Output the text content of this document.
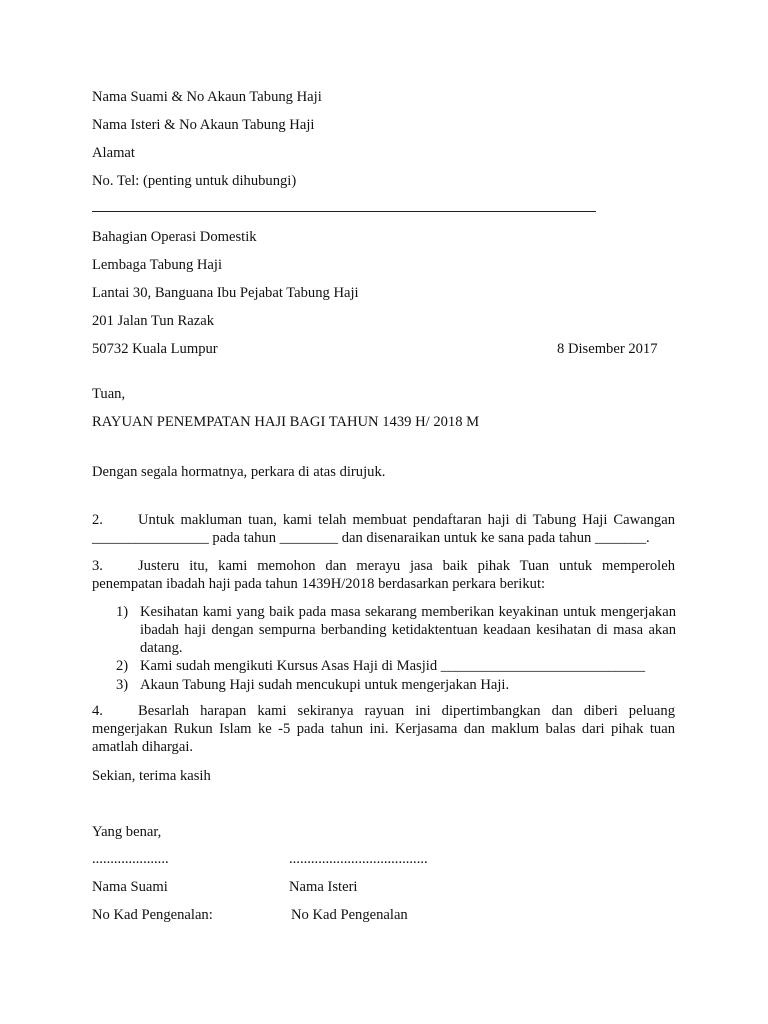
Nama Suami & No Akaun Tabung Haji
Nama Isteri & No Akaun Tabung Haji
Alamat
No. Tel: (penting untuk dihubungi)
Bahagian Operasi Domestik
Lembaga Tabung Haji
Lantai 30, Banguana Ibu Pejabat Tabung Haji
201 Jalan Tun Razak
50732 Kuala Lumpur	8 Disember 2017
Tuan,
RAYUAN PENEMPATAN HAJI BAGI TAHUN 1439 H/ 2018 M
Dengan segala hormatnya, perkara di atas dirujuk.
2. Untuk makluman tuan, kami telah membuat pendaftaran haji di Tabung Haji Cawangan ________________ pada tahun ________ dan disenaraikan untuk ke sana pada tahun _______.
3. Justeru itu, kami memohon dan merayu jasa baik pihak Tuan untuk memperoleh penempatan ibadah haji pada tahun 1439H/2018 berdasarkan perkara berikut:
1) Kesihatan kami yang baik pada masa sekarang memberikan keyakinan untuk mengerjakan ibadah haji dengan sempurna berbanding ketidaktentuan keadaan kesihatan di masa akan datang.
2) Kami sudah mengikuti Kursus Asas Haji di Masjid ____________________________
3) Akaun Tabung Haji sudah mencukupi untuk mengerjakan Haji.
4. Besarlah harapan kami sekiranya rayuan ini dipertimbangkan dan diberi peluang mengerjakan Rukun Islam ke -5 pada tahun ini. Kerjasama dan maklum balas dari pihak tuan amatlah dihargai.
Sekian, terima kasih
Yang benar,
.....................	......................................
Nama Suami	Nama Isteri
No Kad Pengenalan:	No Kad Pengenalan
